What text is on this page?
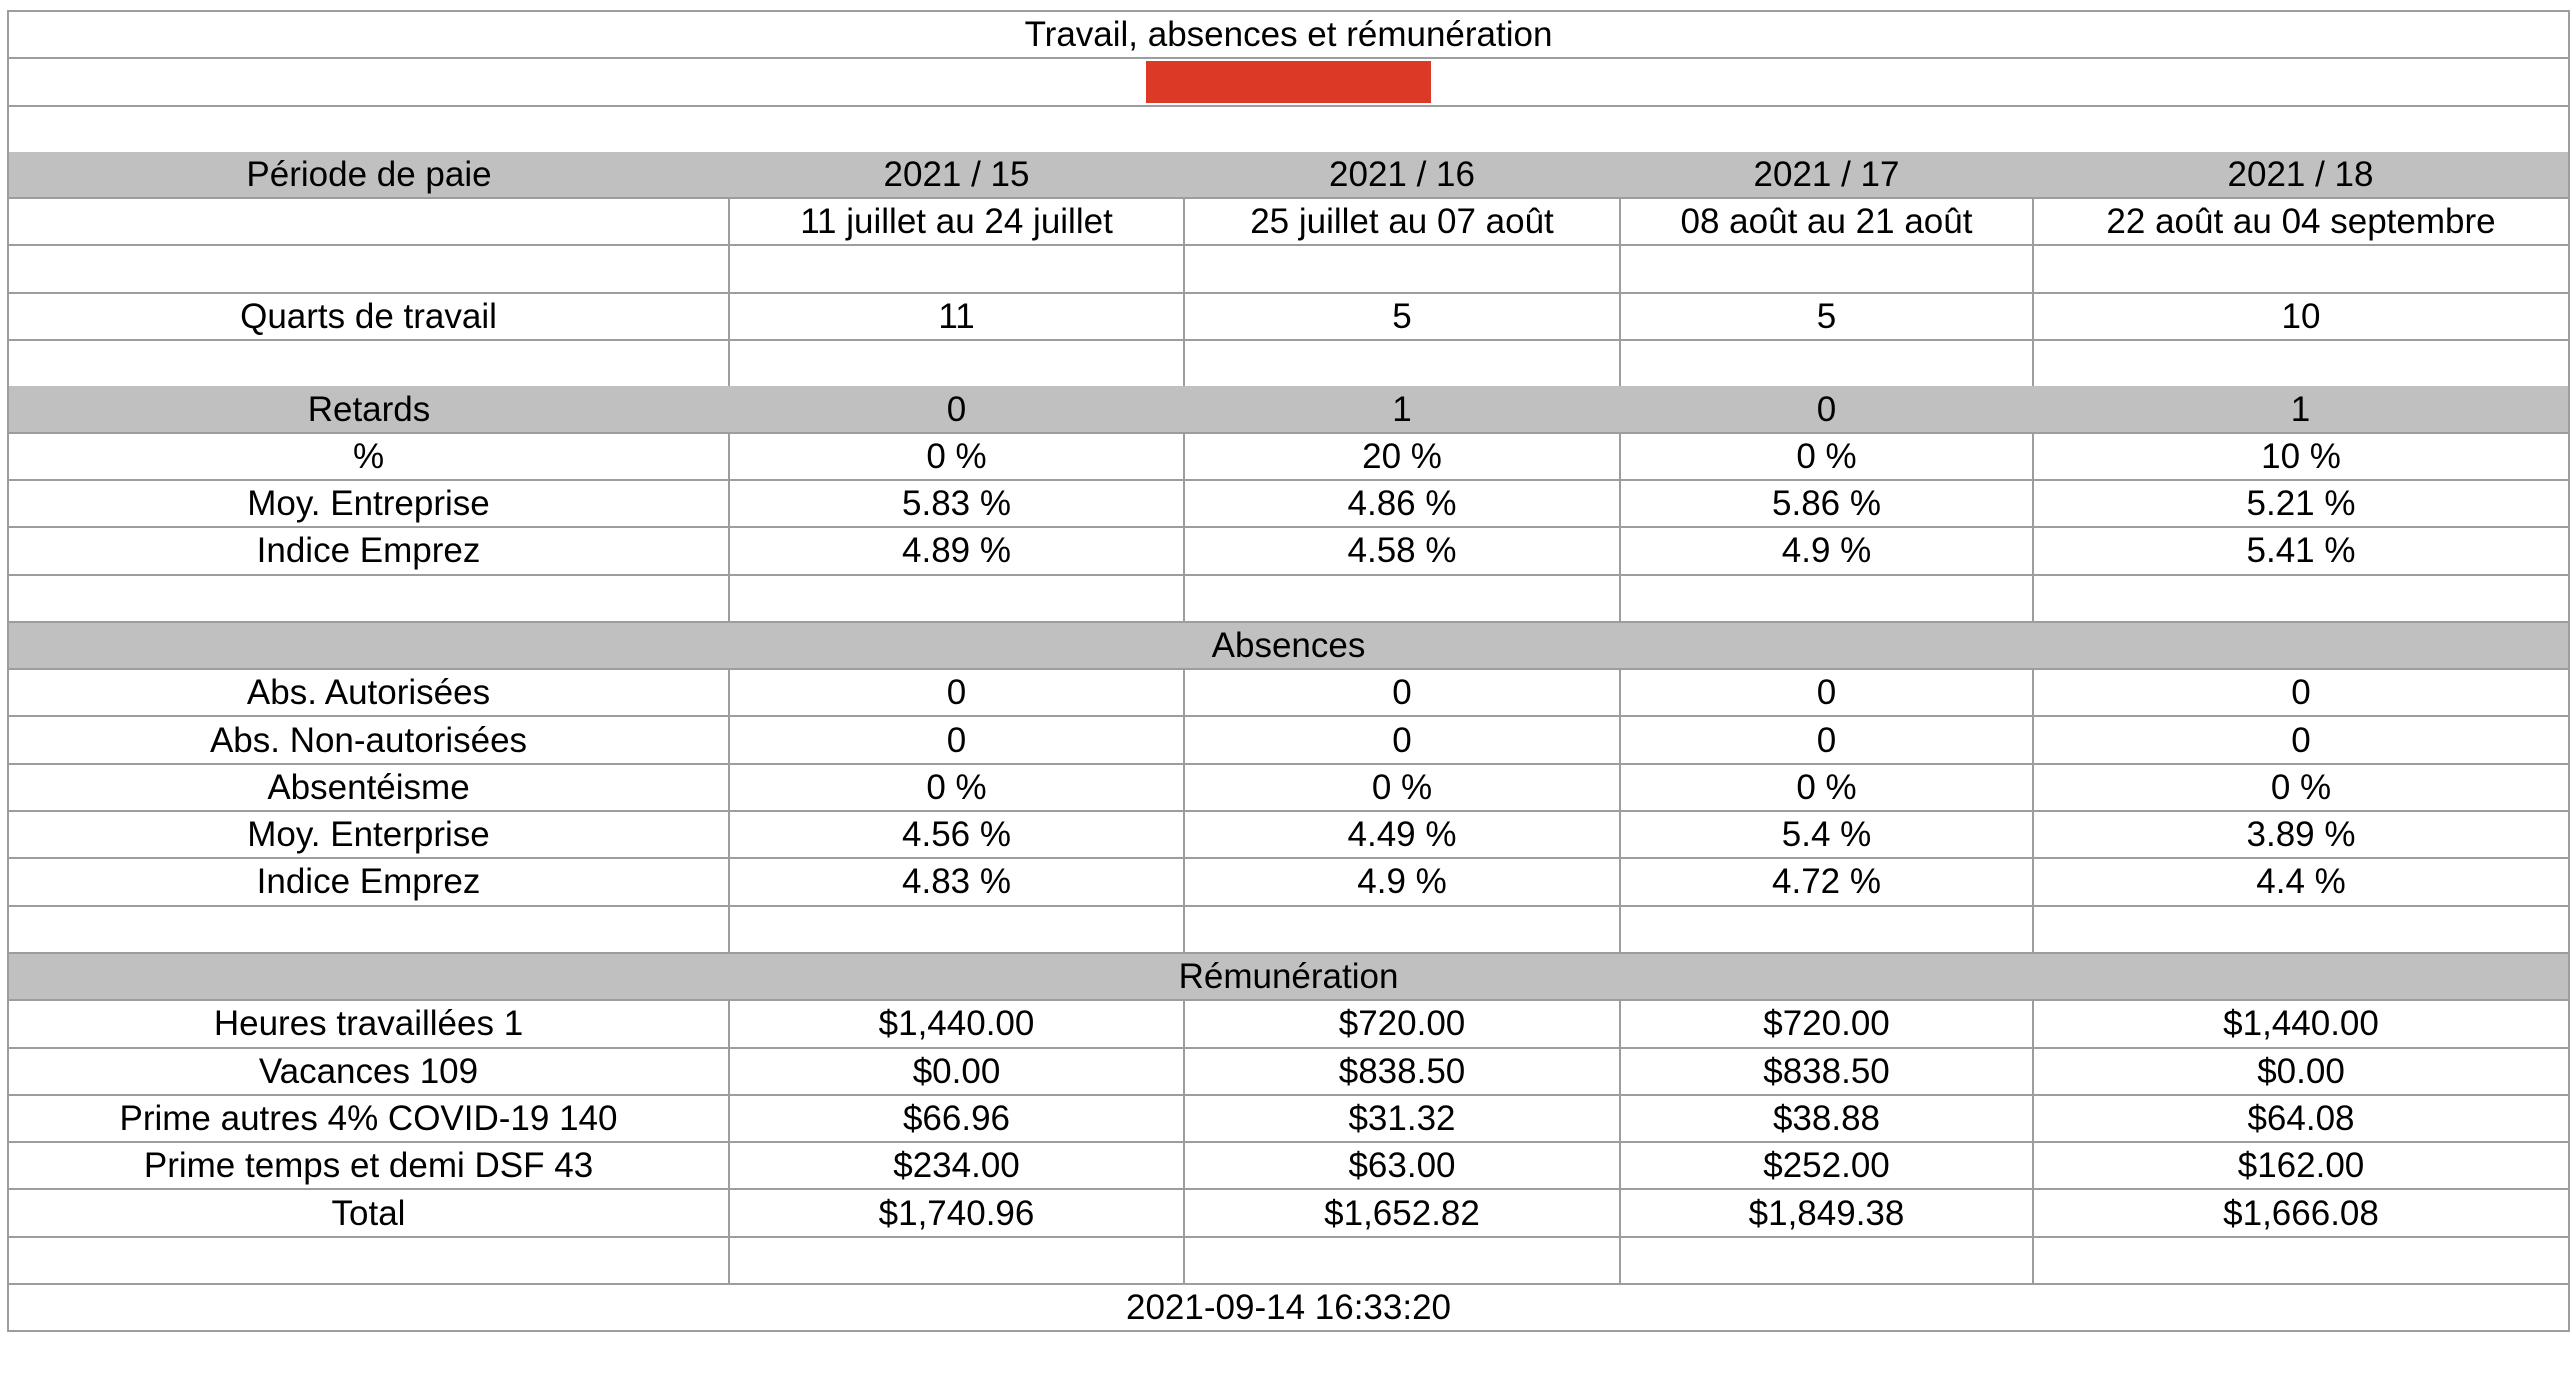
Travail, absences et rémunération				

Période de paie	2021 / 15	2021 / 16	2021 / 17	2021 / 18
	11 juillet au 24 juillet	25 juillet au 07 août	08 août au 21 août	22 août au 04 septembre

Quarts de travail	11	5	5	10

Retards	0	1	0	1
%	0 %	20 %	0 %	10 %
Moy. Entreprise	5.83 %	4.86 %	5.86 %	5.21 %
Indice Emprez	4.89 %	4.58 %	4.9 %	5.41 %

Absences				
Abs. Autorisées	0	0	0	0
Abs. Non-autorisées	0	0	0	0
Absentéisme	0 %	0 %	0 %	0 %
Moy. Enterprise	4.56 %	4.49 %	5.4 %	3.89 %
Indice Emprez	4.83 %	4.9 %	4.72 %	4.4 %

Rémunération				
Heures travaillées 1	$1,440.00	$720.00	$720.00	$1,440.00
Vacances 109	$0.00	$838.50	$838.50	$0.00
Prime autres 4% COVID-19 140	$66.96	$31.32	$38.88	$64.08
Prime temps et demi DSF 43	$234.00	$63.00	$252.00	$162.00
Total	$1,740.96	$1,652.82	$1,849.38	$1,666.08

2021-09-14 16:33:20				
